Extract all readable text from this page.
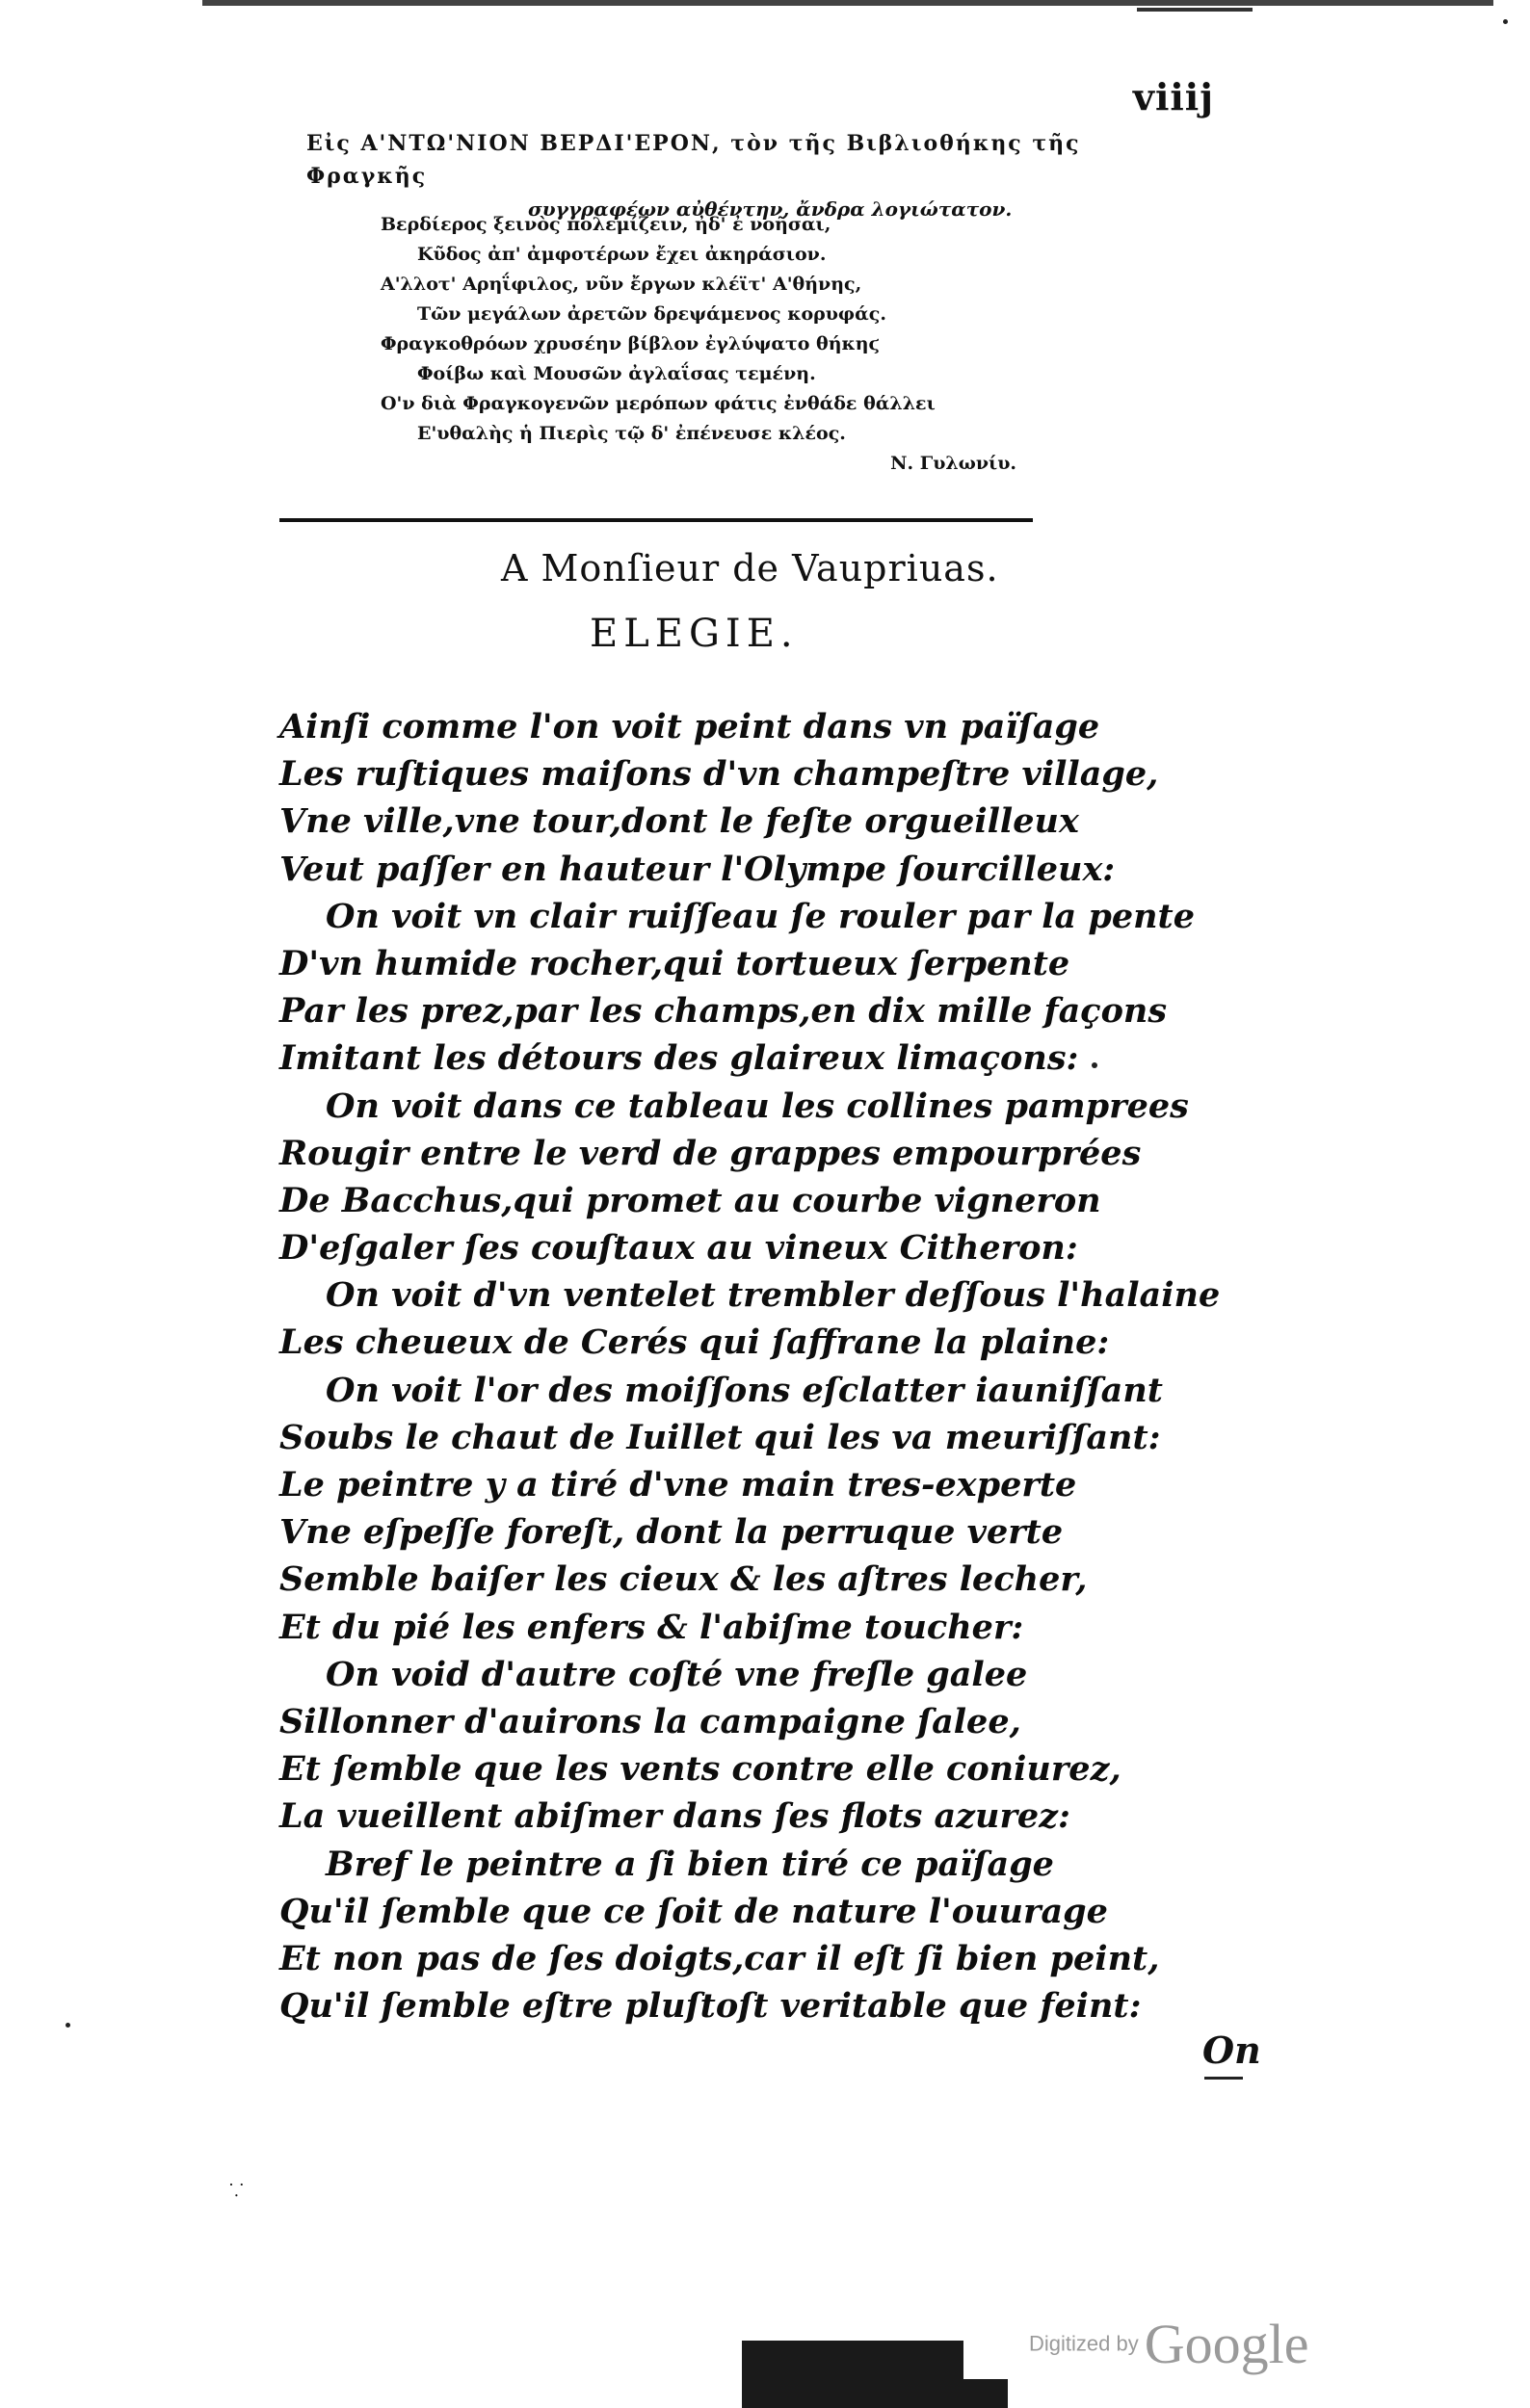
viiij
Εἰς Α'ΝΤΩ'ΝΙΟΝ ΒΕΡΔΙ'ΕΡΟΝ, τὸν τῆς Βιβλιοθήκης τῆς Φραγκῆς
συγγραφέων αὐθέντην, ἄνδρα λογιώτατον.
Βερδίερος ξεινὸς πολεμίζειν, ἠδ' ἐ νοῆσαι,
Κῦδος ἀπ' ἀμφοτέρων ἔχει ἀκηράσιον.
Α'λλοτ' Αρηΐφιλος, νῦν ἔργων κλέϊτ' Α'θήνης,
Τῶν μεγάλων ἀρετῶν δρεψάμενος κορυφάς.
Φραγκοθρόων χρυσέην βίβλον ἐγλύψατο θήκηϛ
Φοίβω καὶ Μουσῶν ἀγλαΐσας τεμένη.
Ο'ν διὰ Φραγκογενῶν μερόπων φάτις ἐνθάδε θάλλει
Ε'υθαλὴς ἡ Πιερὶς τῷ δ' ἐπένευσε κλέος.
Ν. Γυλωνίυ.
A Monſieur de Vaupriuas.
ELEGIE.
Ainſi comme l'on voit peint dans vn païſage
Les ruſtiques maiſons d'vn champeſtre village,
Vne ville,vne tour,dont le feſte orgueilleux
Veut paſſer en hauteur l'Olympe ſourcilleux:
On voit vn clair ruiſſeau ſe rouler par la pente
D'vn humide rocher,qui tortueux ſerpente
Par les prez,par les champs,en dix mille façons
Imitant les détours des glaireux limaçons:
On voit dans ce tableau les collines pamprees
Rougir entre le verd de grappes empourprées
De Bacchus,qui promet au courbe vigneron
D'eſgaler ſes couſtaux au vineux Citheron:
On voit d'vn ventelet trembler deſſous l'halaine
Les cheueux de Cerés qui ſaffrane la plaine:
On voit l'or des moiſſons eſclatter iauniſſant
Soubs le chaut de Iuillet qui les va meuriſſant:
Le peintre y a tiré d'vne main tres-experte
Vne eſpeſſe foreſt, dont la perruque verte
Semble baiſer les cieux & les aſtres lecher,
Et du pié les enfers & l'abiſme toucher:
On void d'autre coſté vne freſle galee
Sillonner d'auirons la campaigne ſalee,
Et ſemble que les vents contre elle coniurez,
La vueillent abiſmer dans ſes flots azurez:
Bref le peintre a ſi bien tiré ce païſage
Qu'il ſemble que ce ſoit de nature l'ouurage
Et non pas de ſes doigts,car il eſt ſi bien peint,
Qu'il ſemble eſtre pluſtoſt veritable que feint:
On
⸪
Digitized by Google
